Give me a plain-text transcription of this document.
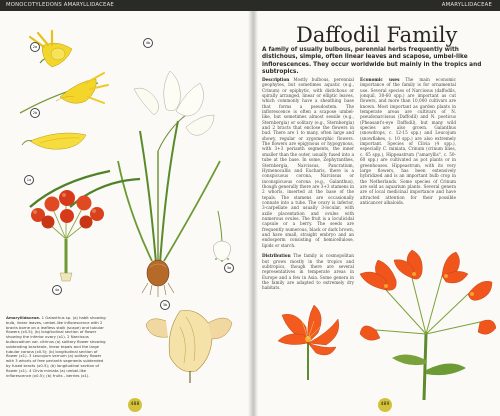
MONOCOTYLEDONS AMARYLLIDACEAE	AMARYLLIDACEAE
2a
2b
1a
4b
3b
3a
4a
Amaryllidaceae. 1 Galanthus sp. (a) habit showing bulb, linear leaves, umbel-like inflorescence with 2 bracts borne on a leafless stalk (scape) and tubular flowers (x0.5); (b) longitudinal section of flower showing the inferior ovary (x1). 2 Narcissus bulbocodium var. citrinus (a) solitary flower showing subtending bracteole, linear tepals and the large tubular corona (x0.5); (b) longitudinal section of flower (x1). 3 Leucojum vernum (a) solitary flower with 3 whorls of free perianth segments subtended by fused bracts (x0.5); (b) longitudinal section of flower (x1). 4 Clivia miniata (a) umbel-like inflorescence (x0.5); (b) fruits - berries (x1).
488
Daffodil Family
A family of usually bulbous, perennial herbs frequently with distichous, simple, often linear leaves and scapose, umbel-like inflorescences. They occur worldwide but mainly in the tropics and subtropics.
Description Mostly bulbous, perennial geophytes, but sometimes aquatic (e.g., Crinum) or epiphytic, with distichous or spirally arranged, linear or elliptic leaves, which commonly have a sheathing base that forms a pseudostem. The inflorescence is often a scapose umbel-like, but sometimes almost sessile (e.g., Sternbergia) or solitary (e.g., Sternbergia) and 2 bracts that enclose the flowers in bud. There are 1 to many, often large and showy, regular or zygomorphic flowers. The flowers are epigynous or hypogynous, with 3+3 perianth segments, the inner smaller than the outer, usually fused into a tube at the base. In some, Zephyranthes, Sternbergia, Narcissus, Pancratium, Hymenocallis and Eucharis, there is a conspicuous corona, Narcissus or inconspicuous corona (e.g., Galanthus), though generally there are 3+3 stamens in 2 whorls, inserted at the base of the tepals. The stamens are occasionally connate into a tube. The ovary is inferior, 3-carpellate and usually 3-locular, with axile placentation and ovules with numerous ovules. The fruit is a loculicidal capsule or a berry. The seeds are frequently numerous, black or dark brown, and have small, straight embryo and an endosperm consisting of hemicellulose, lipids or starch.

Distribution The family is cosmopolitan but grows mostly in the tropics and subtropics, though there are several representatives in temperate areas in Europe and a few in Asia. Some genera in the family are adapted to extremely dry habitats.
Economic uses The main economic importance of the family is for ornamental use. Several species of Narcissus (daffodils, jonquil, 30-60 spp.) are important as cut flowers, and more than 10,000 cultivars are known. Most important as garden plants in temperate areas are cultivars of N. pseudonarcissus (Daffodil) and N. poeticus (Pheasant's-eye Daffodil), but many wild species are also grown. Galanthus (snowdrops, c. 12-15 spp.) and Leucojum (snowflakes, c. 10 spp.) are also extremely important. Species of Clivia (4 spp.), especially C. miniata, Crinum (crinum lilies, c. 65 spp.), Hippeastrum ("amaryllis", c. 50-60 spp.) are cultivated as pot plants or in greenhouses. Hippeastrum, with its very large flowers, has been extensively hybridized and is an important bulb crop in the Netherlands. Some species of Crinum are sold as aquarium plants. Several genera are of local medicinal importance and have attracted attention for their possible anticancer alkaloids.
489
